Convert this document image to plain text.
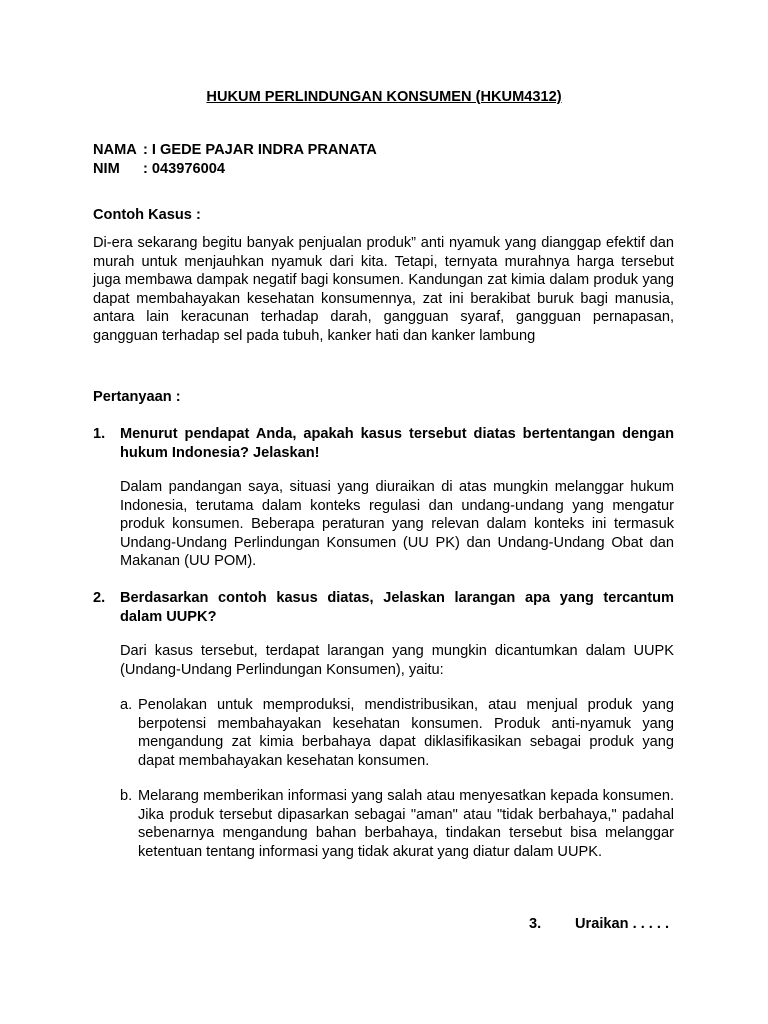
HUKUM PERLINDUNGAN KONSUMEN (HKUM4312)
NAMA : I GEDE PAJAR INDRA PRANATA
NIM : 043976004
Contoh Kasus :
Di-era sekarang begitu banyak penjualan produk” anti nyamuk yang dianggap efektif dan murah untuk menjauhkan nyamuk dari kita. Tetapi, ternyata murahnya harga tersebut juga membawa dampak negatif bagi konsumen. Kandungan zat kimia dalam produk yang dapat membahayakan kesehatan konsumennya, zat ini berakibat buruk bagi manusia, antara lain keracunan terhadap darah, gangguan syaraf, gangguan pernapasan, gangguan terhadap sel pada tubuh, kanker hati dan kanker lambung
Pertanyaan :
1. Menurut pendapat Anda, apakah kasus tersebut diatas bertentangan dengan hukum Indonesia? Jelaskan!
Dalam pandangan saya, situasi yang diuraikan di atas mungkin melanggar hukum Indonesia, terutama dalam konteks regulasi dan undang-undang yang mengatur produk konsumen. Beberapa peraturan yang relevan dalam konteks ini termasuk Undang-Undang Perlindungan Konsumen (UU PK) dan Undang-Undang Obat dan Makanan (UU POM).
2. Berdasarkan contoh kasus diatas, Jelaskan larangan apa yang tercantum dalam UUPK?
Dari kasus tersebut, terdapat larangan yang mungkin dicantumkan dalam UUPK (Undang-Undang Perlindungan Konsumen), yaitu:
a. Penolakan untuk memproduksi, mendistribusikan, atau menjual produk yang berpotensi membahayakan kesehatan konsumen. Produk anti-nyamuk yang mengandung zat kimia berbahaya dapat diklasifikasikan sebagai produk yang dapat membahayakan kesehatan konsumen.
b. Melarang memberikan informasi yang salah atau menyesatkan kepada konsumen. Jika produk tersebut dipasarkan sebagai "aman" atau "tidak berbahaya," padahal sebenarnya mengandung bahan berbahaya, tindakan tersebut bisa melanggar ketentuan tentang informasi yang tidak akurat yang diatur dalam UUPK.
3. Uraikan . . . . .
